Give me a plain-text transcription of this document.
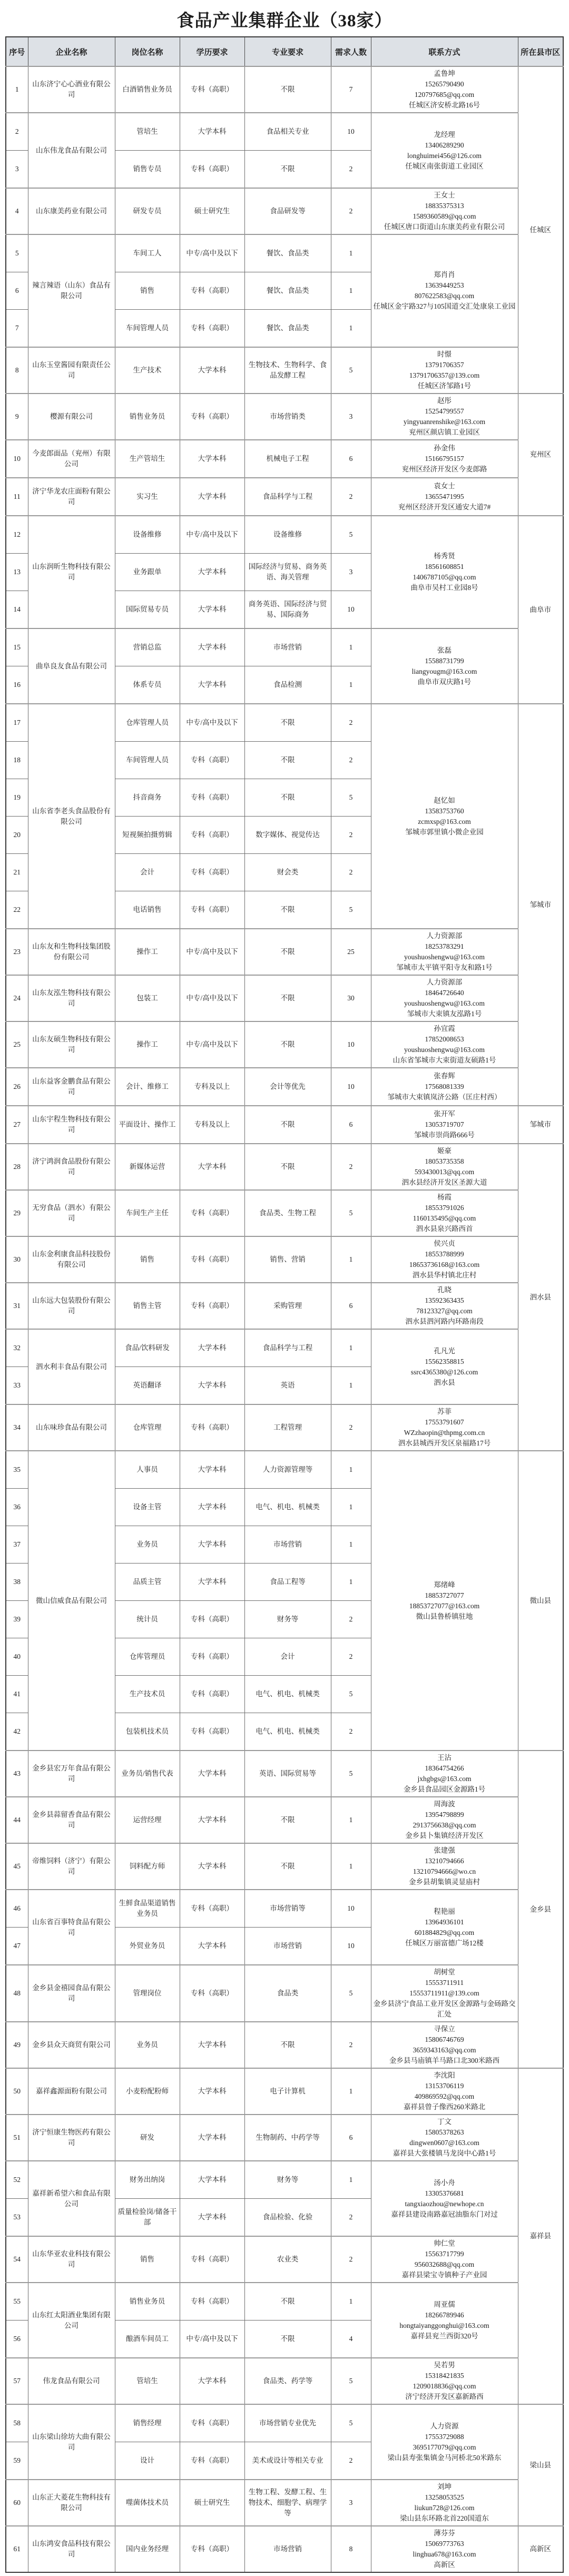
食品产业集群企业（38家）
序号	企业名称	岗位名称	学历要求	专业要求	需求人数	联系方式	所在县市区
1	山东济宁心心酒业有限公司	白酒销售业务员	专科（高职）	不限	7	孟鲁坤
15265790490
120797685@qq.com
任城区济安桥北路16号	任城区
2	山东伟龙食品有限公司	管培生	大学本科	食品相关专业	10	龙经理
13406289290
longhuimei456@126.com
任城区南张街道工业园区	

3		销售专员	专科（高职）	不限	2		
4	山东康美药业有限公司	研发专员	硕士研究生	食品研发等	2	王女士
18835375313
1589360589@qq.com
任城区唐口街道山东康美药业有限公司	

5	辣言辣语（山东）食品有限公司	车间工人	中专/高中及以下	餐饮、食品类	1	郑肖肖
13639449253
807622583@qq.com
任城区金宇路327与105国道交汇处康泉工业园	

6		销售	专科（高职）	餐饮、食品类	1		
7		车间管理人员	专科（高职）	餐饮、食品类	1		
8	山东玉堂酱园有限责任公司	生产技术	大学本科	生物技术、生物科学、食品发酵工程	5	时憬
13791706357
13791706357@139.com
任城区济邹路1号	

9	樱源有限公司	销售业务员	专科（高职）	市场营销类	3	赵彤
15254799557
yingyuanrenshike@163.com
兖州区颜店镇工业园区	兖州区
10	今麦郎面品（兖州）有限公司	生产管培生	大学本科	机械电子工程	6	孙金伟
15166795157
兖州区经济开发区今麦郎路	

11	济宁华龙农庄面粉有限公司	实习生	大学本科	食品科学与工程	2	袁女士
13655471995
兖州区经济开发区通安大道7#	

12	山东润昕生物科技有限公司	设备维修	中专/高中及以下	设备维修	5	杨秀贤
18561608851
1406787105@qq.com
曲阜市吴村工业园8号	曲阜市
13		业务跟单	大学本科	国际经济与贸易、商务英语、海关管理	3		
14		国际贸易专员	大学本科	商务英语、国际经济与贸易、国际商务	10		
15	曲阜良友食品有限公司	营销总监	大学本科	市场营销	1	张磊
15588731799
liangyougm@163.com
曲阜市双庆路1号	

16		体系专员	大学本科	食品检测	1		
17	山东省李老头食品股份有限公司	仓库管理人员	中专/高中及以下	不限	2	赵忆如
13583753760
zcmxsp@163.com
邹城市郭里镇小微企业园	邹城市
18		车间管理人员	专科（高职）	不限	2		
19		抖音商务	专科（高职）	不限	5		
20		短视频拍摄剪辑	专科（高职）	数字媒体、视觉传达	2		
21		会计	专科（高职）	财会类	2		
22		电话销售	专科（高职）	不限	5		
23	山东友和生物科技集团股份有限公司	操作工	中专/高中及以下	不限	25	人力资源部
18253783291
youshuoshengwu@163.com
邹城市太平镇平阳寺友和路1号	

24	山东友泓生物科技有限公司	包装工	中专/高中及以下	不限	30	人力资源部
18464726640
youshuoshengwu@163.com
邹城市大束镇友泓路1号	

25	山东友硕生物科技有限公司	操作工	中专/高中及以下	不限	10	孙宜霞
17852008653
youshuoshengwu@163.com
山东省邹城市大束街道友硕路1号	

26	山东益客金鹏食品有限公司	会计、维修工	专科及以上	会计等优先	10	张春辉
17568081339
邹城市大束镇岚济公路（匡庄村西）	

27	山东宇程生物科技有限公司	平面设计、操作工	专科及以上	不限	6	张开军
13053719707
邹城市崇尚路666号	邹城市
28	济宁鸿润食品股份有限公司	新媒体运营	大学本科	不限	2	姬豪
18053735358
593430013@qq.com
泗水县经济开发区圣源大道	泗水县
29	无穷食品（泗水）有限公司	车间生产主任	专科（高职）	食品类、生物工程	5	杨霞
18553791026
1160135495@qq.com
泗水县泉兴路西首	

30	山东金利康食品科技股份有限公司	销售	专科（高职）	销售、营销	1	侯兴贞
18553788999
18653736168@163.com
泗水县华村镇北庄村	

31	山东远大包装股份有限公司	销售主管	专科（高职）	采购管理	6	孔晓
13592363435
78123327@qq.com
泗水县泗河路内环路南段	

32	泗水利丰食品有限公司	食品/饮料研发	大学本科	食品科学与工程	1	孔凡光
15562358815
ssrc4365380@126.com
泗水县	

33		英语翻译	大学本科	英语	1		
34	山东味珍食品有限公司	仓库管理	专科（高职）	工程管理	2	苏菲
17553791607
WZzhaopin@thpmg.com.cn
泗水县城西开发区泉福路17号	

35	微山信威食品有限公司	人事员	大学本科	人力资源管理等	1	郑绪峰
18853727077
18853727077@163.com
微山县鲁桥镇驻地	微山县
36		设备主管	大学本科	电气、机电、机械类	1		
37		业务员	大学本科	市场营销	1		
38		品质主管	大学本科	食品工程等	1		
39		统计员	专科（高职）	财务等	2		
40		仓库管理员	专科（高职）	会计	2		
41		生产技术员	专科（高职）	电气、机电、机械类	5		
42		包装机技术员	专科（高职）	电气、机电、机械类	2		
43	金乡县宏万年食品有限公司	业务员/销售代表	大学本科	英语、国际贸易等	5	王沾
18364754266
jxhgbgs@163.com
金乡县食品园区金源路1号	金乡县
44	金乡县蒜留香食品有限公司	运营经理	大学本科	不限	1	周海波
13954798899
2913756638@qq.com
金乡县卜集镇经济开发区	

45	帝维饲料（济宁）有限公司	饲料配方师	大学本科	不限	1	张建强
13210794666
13210794666@wo.cn
金乡县胡集镇灵显庙村	

46	山东省百事特食品有限公司	生鲜食品渠道销售业务员	专科（高职）	市场营销等	10	程艳丽
13964936101
601884829@qq.com
任城区万丽富德广场12楼	

47		外贸业务员	大学本科	市场营销	10		
48	金乡县金禧园食品有限公司	管理岗位	专科（高职）	食品类	5	胡树堂
15553711911
15553711911@139.com
金乡县济宁食品工业开发区金源路与金砀路交汇处	

49	金乡县众天商贸有限公司	业务员	大学本科	不限	2	寻保立
15806746769
3659343163@qq.com
金乡县马庙镇羊马路口北300米路西	

50	嘉祥鑫源面粉有限公司	小麦粉配粉师	大学本科	电子计算机	1	李沈阳
13153706119
409869592@qq.com
嘉祥县曾子像西260米路北	嘉祥县
51	济宁恒康生物医药有限公司	研发	大学本科	生物制药、中药学等	6	丁文
15805378263
dingwen0607@163.com
嘉祥县大张楼镇马龙岗中心路1号	

52	嘉祥新希望六和食品有限公司	财务出纳岗	大学本科	财务等	1	汤小舟
13305376681
tangxiaozhou@newhope.cn
嘉祥县建设南路嘉冠油脂东门对过	

53		质量检验岗/储备干部	大学本科	食品检验、化验	2		
54	山东华亚农业科技有限公司	销售	专科（高职）	农业类	2	帅仁堂
15563717799
956032688@qq.com
嘉祥县梁宝寺镇种子产业园	

55	山东红太阳酒业集团有限公司	销售业务员	专科（高职）	不限	1	周亚儒
18266789946
hongtaiyanggonghui@163.com
嘉祥县兖兰西街320号	

56		酿酒车间员工	中专/高中及以下	不限	4		
57	伟龙食品有限公司	管培生	大学本科	食品类、药学等	5	吴若男
15318421835
1209018836@qq.com
济宁经济开发区嘉新路西	

58	山东梁山徐坊大曲有限公司	销售经理	专科（高职）	市场营销专业优先	5	人力资源
17553729088
3695177079@qq.com
梁山县寿张集镇金马河桥北50米路东	梁山县
59		设计	专科（高职）	美术或设计等相关专业	2		
60	山东正大菱花生物科技有限公司	噬菌体技术员	硕士研究生	生物工程、发酵工程、生物技术、细胞学、病理学等	3	刘坤
13258053525
liukun728@126.com
梁山县东环路北首220国道东	

61	山东鸿安食品科技有限公司	国内业务经理	专科（高职）	市场营销	8	薄芬芬
15069773763
linghua678@163.com
高新区	高新区
